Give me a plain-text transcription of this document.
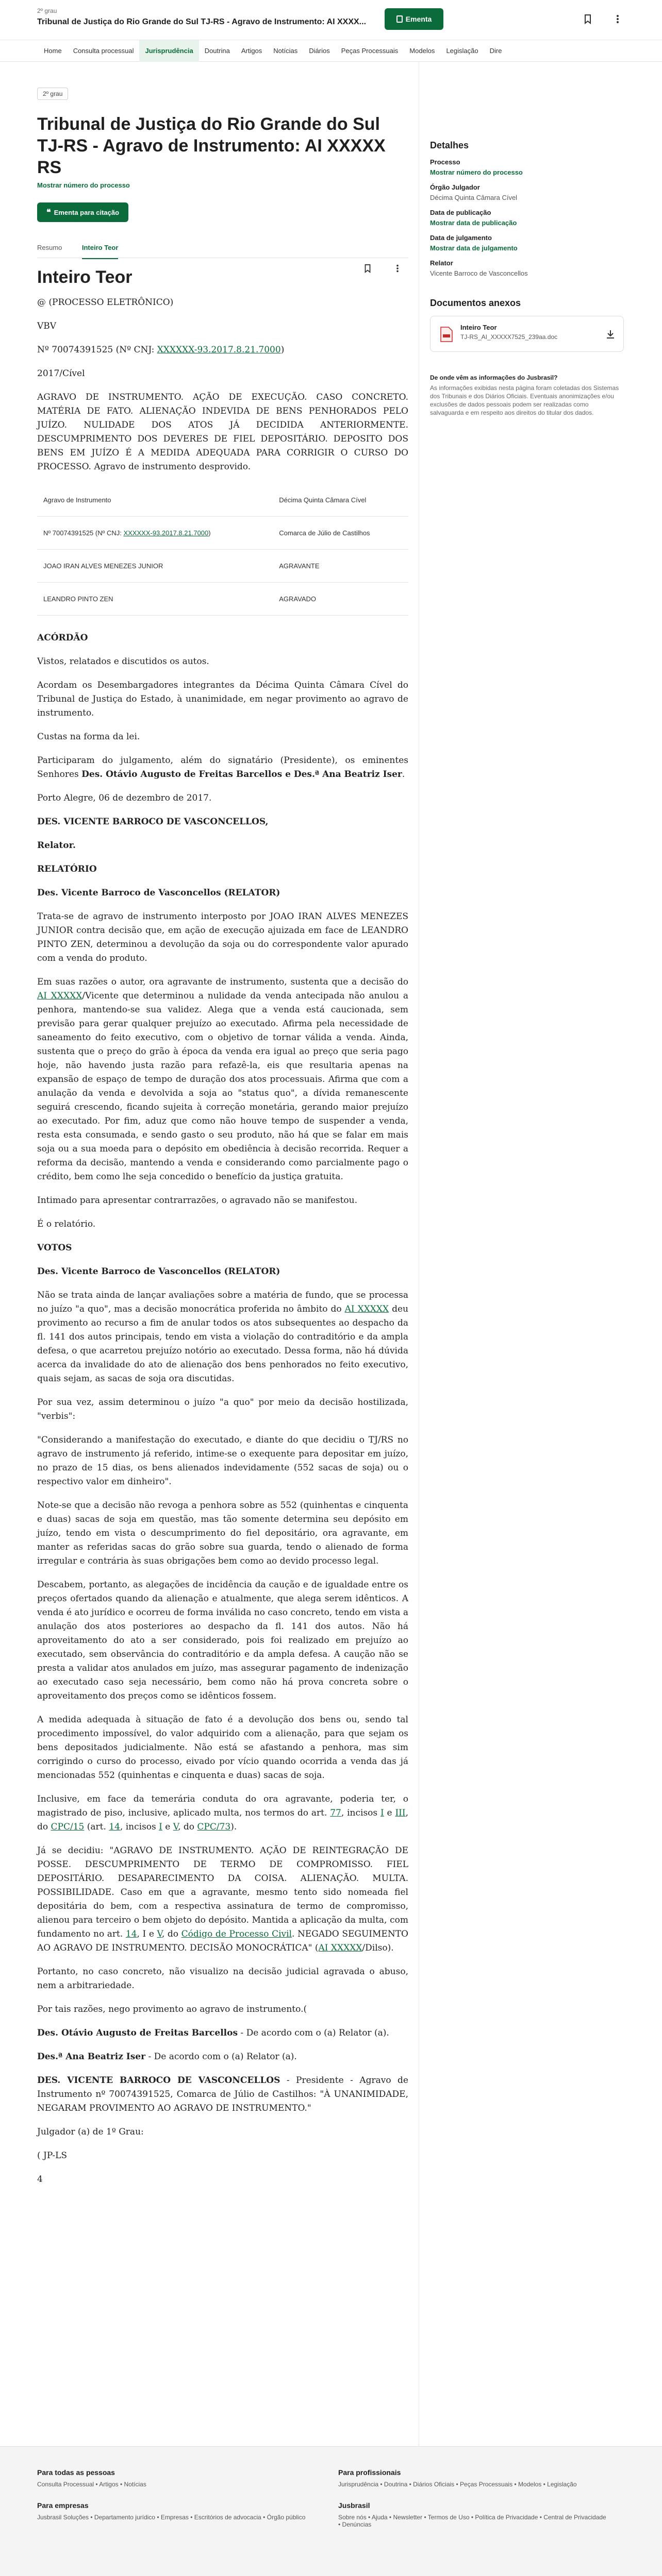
2º grau
Tribunal de Justiça do Rio Grande do Sul TJ-RS - Agravo de Instrumento: AI XXXX...	Ementa
Home	Consulta processual	Jurisprudência	Doutrina	Artigos	Notícias	Diários	Peças Processuais	Modelos	Legislação	Dire
2º grau
Tribunal de Justiça do Rio Grande do Sul TJ-RS - Agravo de Instrumento: AI XXXXX RS
Mostrar número do processo
❝ Ementa para citação
Resumo	Inteiro Teor
Inteiro Teor

@ (PROCESSO ELETRÔNICO)

VBV

Nº 70074391525 (Nº CNJ: XXXXXX-93.2017.8.21.7000)

2017/Cível

AGRAVO DE INSTRUMENTO. AÇÃO DE EXECUÇÃO. CASO CONCRETO. MATÉRIA DE FATO. ALIENAÇÃO INDEVIDA DE BENS PENHORADOS PELO JUÍZO. NULIDADE DOS ATOS JÁ DECIDIDA ANTERIORMENTE. DESCUMPRIMENTO DOS DEVERES DE FIEL DEPOSITÁRIO. DEPOSITO DOS BENS EM JUÍZO É A MEDIDA ADEQUADA PARA CORRIGIR O CURSO DO PROCESSO. Agravo de instrumento desprovido.

Agravo de Instrumento	Décima Quinta Câmara Cível
Nº 70074391525 (Nº CNJ: XXXXXX-93.2017.8.21.7000)	Comarca de Júlio de Castilhos
JOAO IRAN ALVES MENEZES JUNIOR	AGRAVANTE
LEANDRO PINTO ZEN	AGRAVADO

ACÓRDÃO

Vistos, relatados e discutidos os autos.

Acordam os Desembargadores integrantes da Décima Quinta Câmara Cível do Tribunal de Justiça do Estado, à unanimidade, em negar provimento ao agravo de instrumento.

Custas na forma da lei.

Participaram do julgamento, além do signatário (Presidente), os eminentes Senhores Des. Otávio Augusto de Freitas Barcellos e Des.ª Ana Beatriz Iser.

Porto Alegre, 06 de dezembro de 2017.

DES. VICENTE BARROCO DE VASCONCELLOS,

Relator.

RELATÓRIO

Des. Vicente Barroco de Vasconcellos (RELATOR)

Trata-se de agravo de instrumento interposto por JOAO IRAN ALVES MENEZES JUNIOR contra decisão que, em ação de execução ajuizada em face de LEANDRO PINTO ZEN, determinou a devolução da soja ou do correspondente valor apurado com a venda do produto.

Em suas razões o autor, ora agravante de instrumento, sustenta que a decisão do AI XXXXX/Vicente que determinou a nulidade da venda antecipada não anulou a penhora, mantendo-se sua validez. Alega que a venda está caucionada, sem previsão para gerar qualquer prejuízo ao executado. Afirma pela necessidade de saneamento do feito executivo, com o objetivo de tornar válida a venda. Ainda, sustenta que o preço do grão à época da venda era igual ao preço que seria pago hoje, não havendo justa razão para refazê-la, eis que resultaria apenas na expansão de espaço de tempo de duração dos atos processuais. Afirma que com a anulação da venda e devolvida a soja ao "status quo", a dívida remanescente seguirá crescendo, ficando sujeita à correção monetária, gerando maior prejuízo ao executado. Por fim, aduz que como não houve tempo de suspender a venda, resta esta consumada, e sendo gasto o seu produto, não há que se falar em mais soja ou a sua moeda para o depósito em obediência à decisão recorrida. Requer a reforma da decisão, mantendo a venda e considerando como parcialmente pago o crédito, bem como lhe seja concedido o benefício da justiça gratuita.

Intimado para apresentar contrarrazões, o agravado não se manifestou.

É o relatório.

VOTOS

Des. Vicente Barroco de Vasconcellos (RELATOR)

Não se trata ainda de lançar avaliações sobre a matéria de fundo, que se processa no juízo "a quo", mas a decisão monocrática proferida no âmbito do AI XXXXX deu provimento ao recurso a fim de anular todos os atos subsequentes ao despacho da fl. 141 dos autos principais, tendo em vista a violação do contraditório e da ampla defesa, o que acarretou prejuízo notório ao executado. Dessa forma, não há dúvida acerca da invalidade do ato de alienação dos bens penhorados no feito executivo, quais sejam, as sacas de soja ora discutidas.

Por sua vez, assim determinou o juízo "a quo" por meio da decisão hostilizada, "verbis":

"Considerando a manifestação do executado, e diante do que decidiu o TJ/RS no agravo de instrumento já referido, intime-se o exequente para depositar em juízo, no prazo de 15 dias, os bens alienados indevidamente (552 sacas de soja) ou o respectivo valor em dinheiro".

Note-se que a decisão não revoga a penhora sobre as 552 (quinhentas e cinquenta e duas) sacas de soja em questão, mas tão somente determina seu depósito em juízo, tendo em vista o descumprimento do fiel depositário, ora agravante, em manter as referidas sacas do grão sobre sua guarda, tendo o alienado de forma irregular e contrária às suas obrigações bem como ao devido processo legal.

Descabem, portanto, as alegações de incidência da caução e de igualdade entre os preços ofertados quando da alienação e atualmente, que alega serem idênticos. A venda é ato jurídico e ocorreu de forma inválida no caso concreto, tendo em vista a anulação dos atos posteriores ao despacho da fl. 141 dos autos. Não há aproveitamento do ato a ser considerado, pois foi realizado em prejuízo ao executado, sem observância do contraditório e da ampla defesa. A caução não se presta a validar atos anulados em juízo, mas assegurar pagamento de indenização ao executado caso seja necessário, bem como não há prova concreta sobre o aproveitamento dos preços como se idênticos fossem.

A medida adequada à situação de fato é a devolução dos bens ou, sendo tal procedimento impossível, do valor adquirido com a alienação, para que sejam os bens depositados judicialmente. Não está se afastando a penhora, mas sim corrigindo o curso do processo, eivado por vício quando ocorrida a venda das já mencionadas 552 (quinhentas e cinquenta e duas) sacas de soja.

Inclusive, em face da temerária conduta do ora agravante, poderia ter, o magistrado de piso, inclusive, aplicado multa, nos termos do art. 77, incisos I e III, do CPC/15 (art. 14, incisos I e V, do CPC/73).

Já se decidiu: "AGRAVO DE INSTRUMENTO. AÇÃO DE REINTEGRAÇÃO DE POSSE. DESCUMPRIMENTO DE TERMO DE COMPROMISSO. FIEL DEPOSITÁRIO. DESAPARECIMENTO DA COISA. ALIENAÇÃO. MULTA. POSSIBILIDADE. Caso em que a agravante, mesmo tento sido nomeada fiel depositária do bem, com a respectiva assinatura de termo de compromisso, alienou para terceiro o bem objeto do depósito. Mantida a aplicação da multa, com fundamento no art. 14, I e V, do Código de Processo Civil. NEGADO SEGUIMENTO AO AGRAVO DE INSTRUMENTO. DECISÃO MONOCRÁTICA" (AI XXXXX/Dilso).

Portanto, no caso concreto, não visualizo na decisão judicial agravada o abuso, nem a arbitrariedade.

Por tais razões, nego provimento ao agravo de instrumento.(

Des. Otávio Augusto de Freitas Barcellos - De acordo com o (a) Relator (a).

Des.ª Ana Beatriz Iser - De acordo com o (a) Relator (a).

DES. VICENTE BARROCO DE VASCONCELLOS - Presidente - Agravo de Instrumento nº 70074391525, Comarca de Júlio de Castilhos: "À UNANIMIDADE, NEGARAM PROVIMENTO AO AGRAVO DE INSTRUMENTO."

Julgador (a) de 1º Grau:

( JP-LS

4

Detalhes
Processo
Mostrar número do processo
Órgão Julgador
Décima Quinta Câmara Cível
Data de publicação
Mostrar data de publicação
Data de julgamento
Mostrar data de julgamento
Relator
Vicente Barroco de Vasconcellos
Documentos anexos
Inteiro Teor
TJ-RS_AI_XXXXX7525_239aa.doc
De onde vêm as informações do Jusbrasil?
As informações exibidas nesta página foram coletadas dos Sistemas dos Tribunais e dos Diários Oficiais. Eventuais anonimizações e/ou exclusões de dados pessoais podem ser realizadas como salvaguarda e em respeito aos direitos do titular dos dados.
Para todas as pessoas
Consulta Processual • Artigos • Notícias
Para empresas
Jusbrasil Soluções • Departamento jurídico • Empresas • Escritórios de advocacia • Órgão público
Para profissionais
Jurisprudência • Doutrina • Diários Oficiais • Peças Processuais • Modelos • Legislação
Jusbrasil
Sobre nós • Ajuda • Newsletter • Termos de Uso • Política de Privacidade • Central de Privacidade • Denúncias
